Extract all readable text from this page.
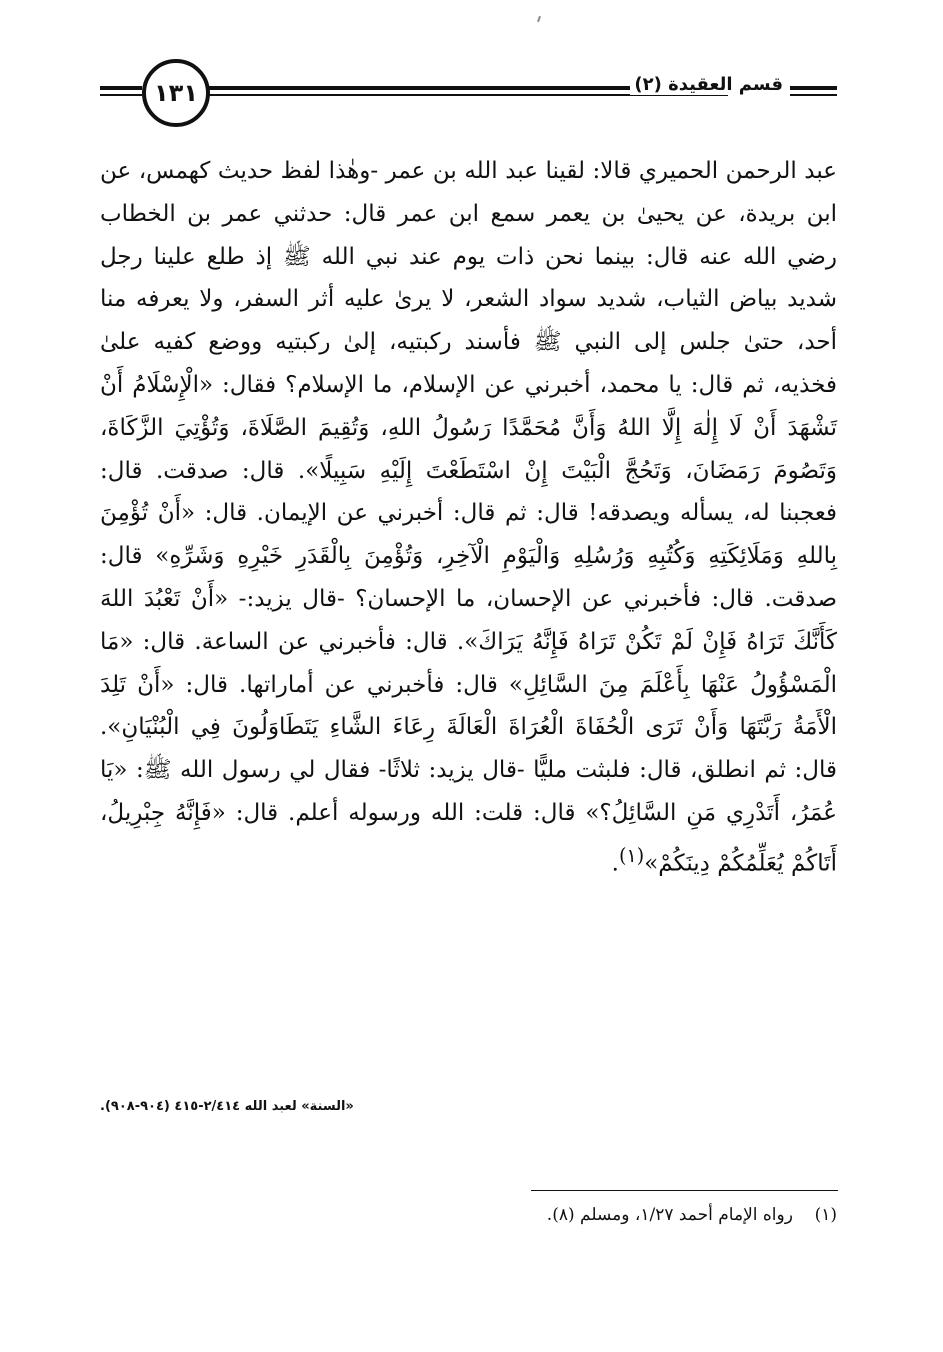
١٣١	قسم العقيدة (٢)

عبد الرحمن الحميري قالا: لقينا عبد الله بن عمر -وهٰذا لفظ حديث كهمس، عن ابن بريدة، عن يحيىٰ بن يعمر سمع ابن عمر قال: حدثني عمر بن الخطاب رضي الله عنه قال: بينما نحن ذات يوم عند نبي الله ﷺ إذ طلع علينا رجل شديد بياض الثياب، شديد سواد الشعر، لا يرىٰ عليه أثر السفر، ولا يعرفه منا أحد، حتىٰ جلس إلى النبي ﷺ فأسند ركبتيه، إلىٰ ركبتيه ووضع كفيه علىٰ فخذيه، ثم قال: يا محمد، أخبرني عن الإسلام، ما الإسلام؟ فقال: «الْإِسْلَامُ أَنْ تَشْهَدَ أَنْ لَا إِلٰهَ إِلَّا اللهُ وَأَنَّ مُحَمَّدًا رَسُولُ اللهِ، وَتُقِيمَ الصَّلَاةَ، وَتُؤْتِيَ الزَّكَاةَ، وَتَصُومَ رَمَضَانَ، وَتَحُجَّ الْبَيْتَ إِنْ اسْتَطَعْتَ إِلَيْهِ سَبِيلًا». قال: صدقت. قال: فعجبنا له، يسأله ويصدقه! قال: ثم قال: أخبرني عن الإيمان. قال: «أَنْ تُؤْمِنَ بِاللهِ وَمَلَائِكَتِهِ وَكُتُبِهِ وَرُسُلِهِ وَالْيَوْمِ الْآخِرِ، وَتُؤْمِنَ بِالْقَدَرِ خَيْرِهِ وَشَرِّهِ» قال: صدقت. قال: فأخبرني عن الإحسان، ما الإحسان؟ -قال يزيد:- «أَنْ تَعْبُدَ اللهَ كَأَنَّكَ تَرَاهُ فَإِنْ لَمْ تَكُنْ تَرَاهُ فَإِنَّهُ يَرَاكَ». قال: فأخبرني عن الساعة. قال: «مَا الْمَسْؤُولُ عَنْهَا بِأَعْلَمَ مِنَ السَّائِلِ» قال: فأخبرني عن أماراتها. قال: «أَنْ تَلِدَ الْأَمَةُ رَبَّتَهَا وَأَنْ تَرَى الْحُفَاةَ الْعُرَاةَ الْعَالَةَ رِعَاءَ الشَّاءِ يَتَطَاوَلُونَ فِي الْبُنْيَانِ». قال: ثم انطلق، قال: فلبثت مليًّا -قال يزيد: ثلاثًا- فقال لي رسول الله ﷺ: «يَا عُمَرُ، أَتَدْرِي مَنِ السَّائِلُ؟» قال: قلت: الله ورسوله أعلم. قال: «فَإِنَّهُ جِبْرِيلُ، أَتَاكُمْ يُعَلِّمُكُمْ دِينَكُمْ»$^{(١)}$.

«السنة» لعبد الله ٢/٤١٤-٤١٥ (٩٠٤-٩٠٨).
(١)    رواه الإمام أحمد ١/٢٧، ومسلم (٨).
